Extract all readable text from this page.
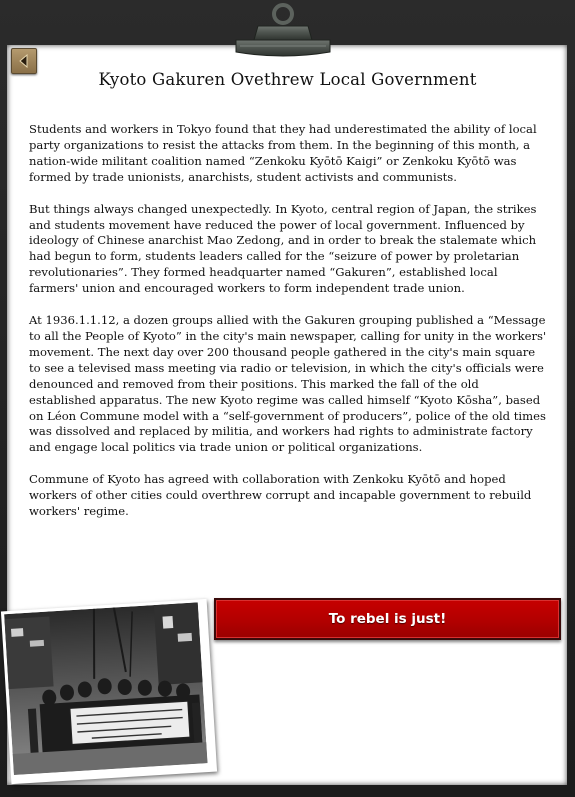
Kyoto Gakuren Ovethrew Local Government

Students and workers in Tokyo found that they had underestimated the ability of local party organizations to resist the attacks from them. In the beginning of this month, a nation-wide militant coalition named “Zenkoku Kyōtō Kaigi” or Zenkoku Kyōtō was formed by trade unionists, anarchists, student activists and communists.

But things always changed unexpectedly. In Kyoto, central region of Japan, the strikes and students movement have reduced the power of local government. Influenced by ideology of Chinese anarchist Mao Zedong, and in order to break the stalemate which had begun to form, students leaders called for the “seizure of power by proletarian revolutionaries”. They formed headquarter named “Gakuren”, established local farmers' union and encouraged workers to form independent trade union.

At 1936.1.1.12, a dozen groups allied with the Gakuren grouping published a “Message to all the People of Kyoto” in the city's main newspaper, calling for unity in the workers' movement. The next day over 200 thousand people gathered in the city's main square to see a televised mass meeting via radio or television, in which the city's officials were denounced and removed from their positions. This marked the fall of the old established apparatus. The new Kyoto regime was called himself “Kyoto Kōsha”, based on Léon Commune model with a “self-government of producers”, police of the old times was dissolved and replaced by militia, and workers had rights to administrate factory and engage local politics via trade union or political organizations.

Commune of Kyoto has agreed with collaboration with Zenkoku Kyōtō and hoped workers of other cities could overthrew corrupt and incapable government to rebuild workers' regime.

To rebel is just!
